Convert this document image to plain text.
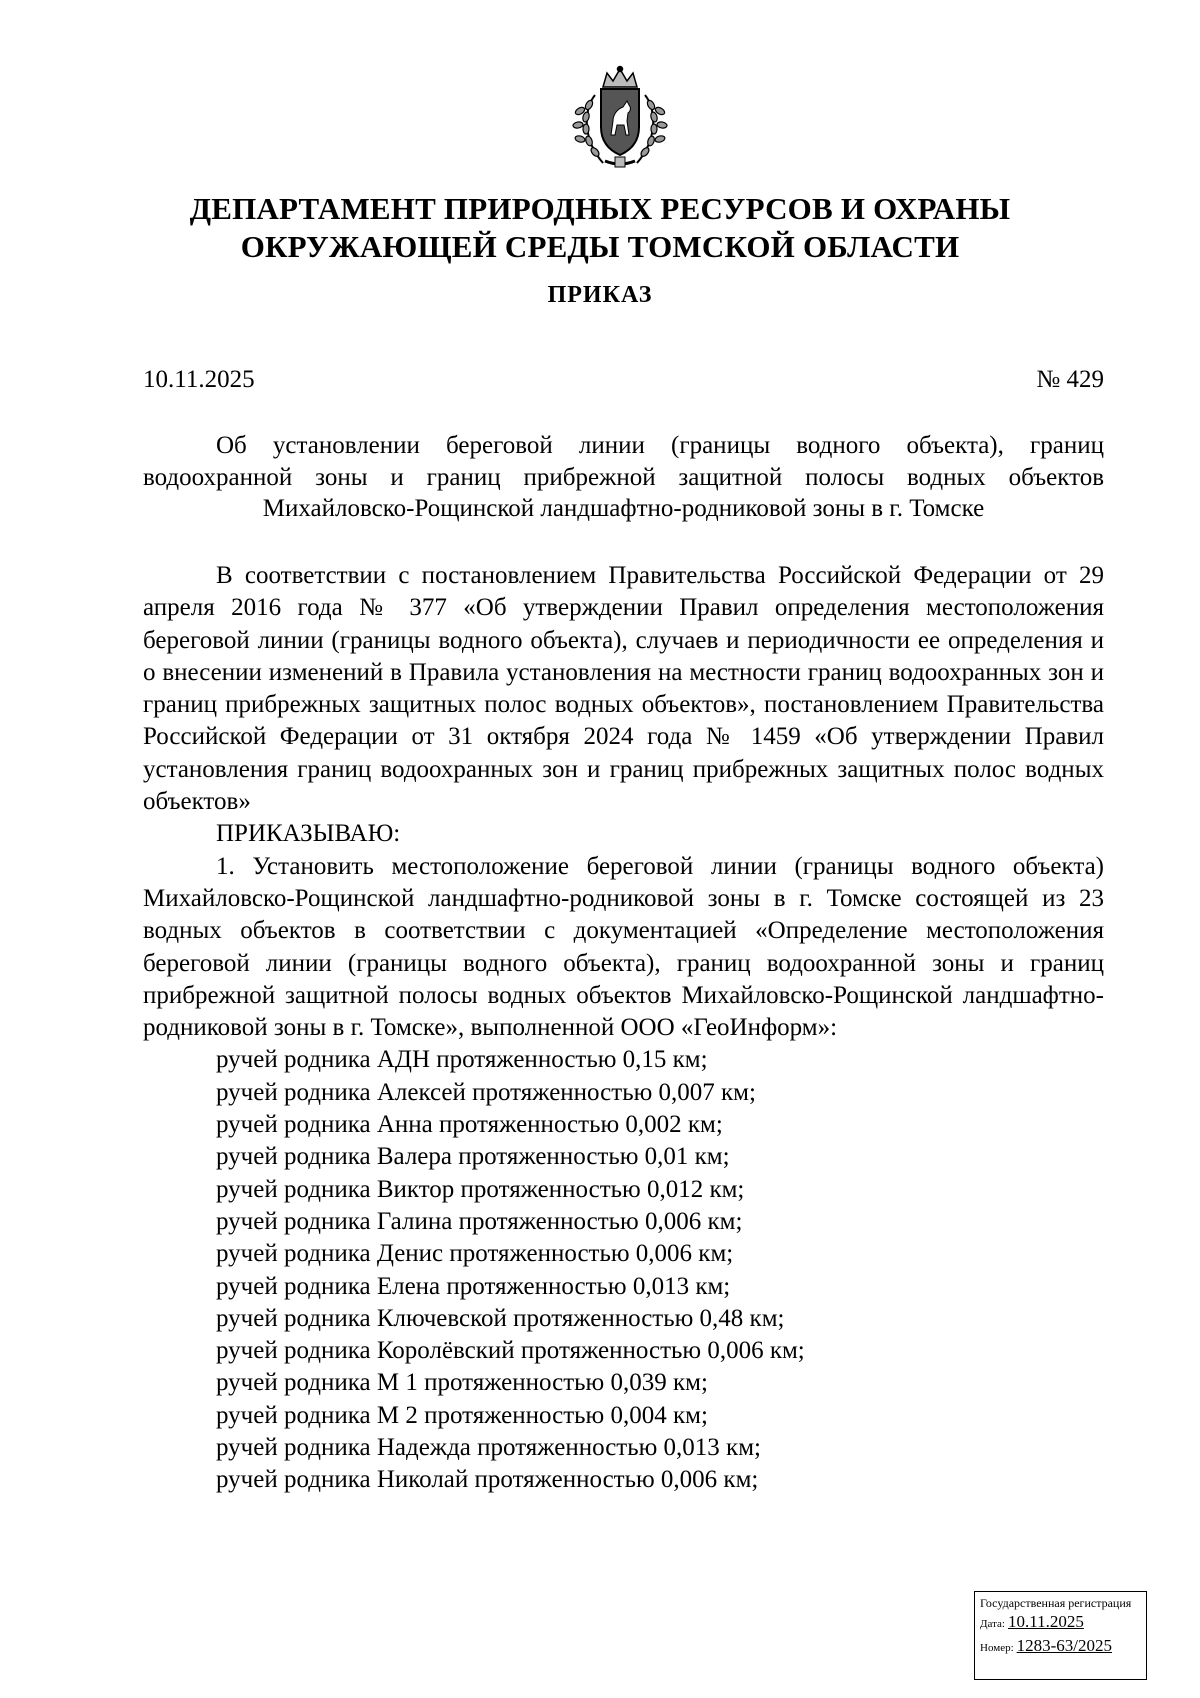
ДЕПАРТАМЕНТ ПРИРОДНЫХ РЕСУРСОВ И ОХРАНЫ
ОКРУЖАЮЩЕЙ СРЕДЫ ТОМСКОЙ ОБЛАСТИ
ПРИКАЗ
10.11.2025	№ 429
Об установлении береговой линии (границы водного объекта), границ
водоохранной зоны и границ прибрежной защитной полосы водных объектов
Михайловско-Рощинской ландшафтно-родниковой зоны в г. Томске

В соответствии с постановлением Правительства Российской Федерации от 29 апреля 2016 года № 377 «Об утверждении Правил определения местоположения береговой линии (границы водного объекта), случаев и периодичности ее определения и о внесении изменений в Правила установления на местности границ водоохранных зон и границ прибрежных защитных полос водных объектов», постановлением Правительства Российской Федерации от 31 октября 2024 года № 1459 «Об утверждении Правил установления границ водоохранных зон и границ прибрежных защитных полос водных объектов»

ПРИКАЗЫВАЮ:

1. Установить местоположение береговой линии (границы водного объекта) Михайловско-Рощинской ландшафтно-родниковой зоны в г. Томске состоящей из 23 водных объектов в соответствии с документацией «Определение местоположения береговой линии (границы водного объекта), границ водоохранной зоны и границ прибрежной защитной полосы водных объектов Михайловско-Рощинской ландшафтно-родниковой зоны в г. Томске», выполненной ООО «ГеоИнформ»:

ручей родника АДН протяженностью 0,15 км;
ручей родника Алексей протяженностью 0,007 км;
ручей родника Анна протяженностью 0,002 км;
ручей родника Валера протяженностью 0,01 км;
ручей родника Виктор протяженностью 0,012 км;
ручей родника Галина протяженностью 0,006 км;
ручей родника Денис протяженностью 0,006 км;
ручей родника Елена протяженностью 0,013 км;
ручей родника Ключевской протяженностью 0,48 км;
ручей родника Королёвский протяженностью 0,006 км;
ручей родника М 1 протяженностью 0,039 км;
ручей родника М 2 протяженностью 0,004 км;
ручей родника Надежда протяженностью 0,013 км;
ручей родника Николай протяженностью 0,006 км;
Государственная регистрация
Дата: 10.11.2025
Номер: 1283-63/2025
